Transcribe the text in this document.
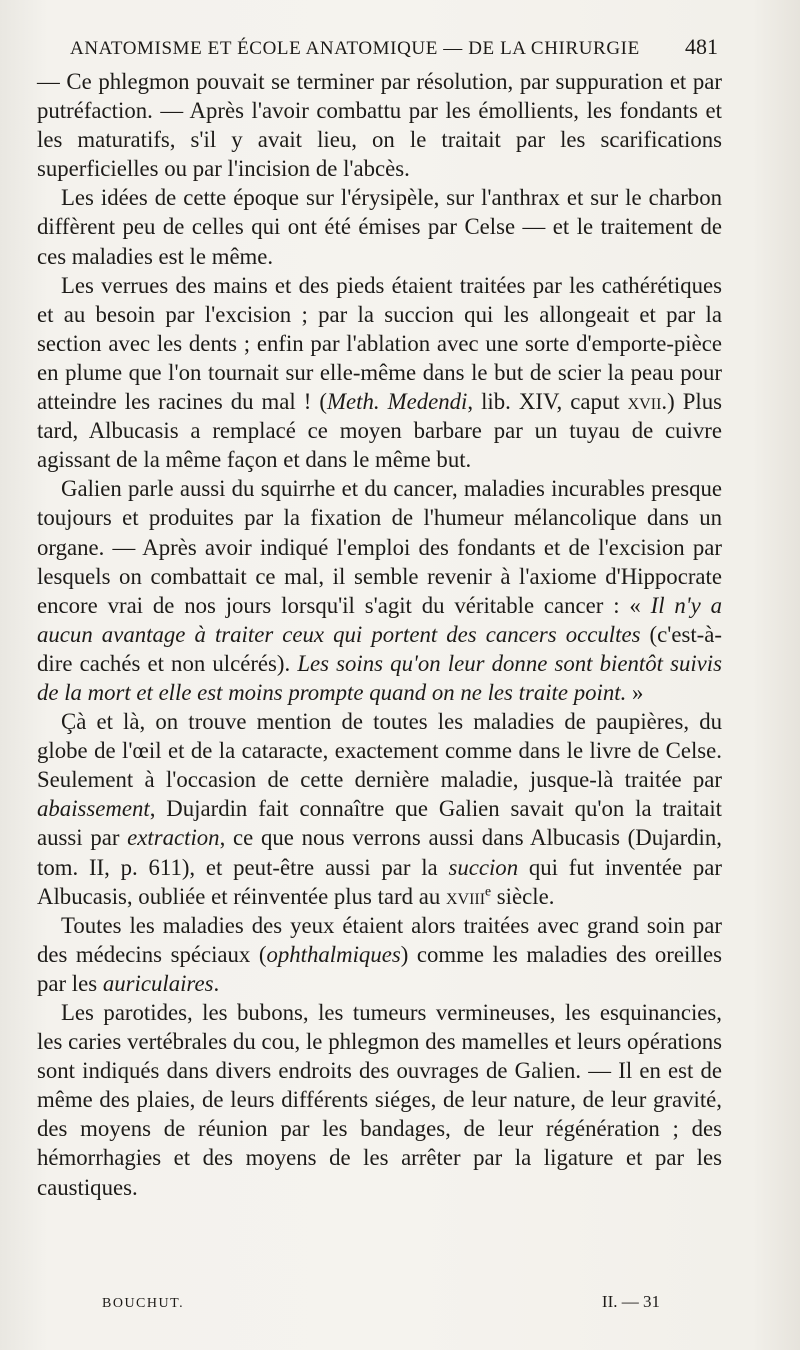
ANATOMISME ET ÉCOLE ANATOMIQUE — DE LA CHIRURGIE 481

— Ce phlegmon pouvait se terminer par résolution, par suppuration et par putréfaction. — Après l'avoir combattu par les émollients, les fondants et les maturatifs, s'il y avait lieu, on le traitait par les scarifications superficielles ou par l'incision de l'abcès.

Les idées de cette époque sur l'érysipèle, sur l'anthrax et sur le charbon diffèrent peu de celles qui ont été émises par Celse — et le traitement de ces maladies est le même.

Les verrues des mains et des pieds étaient traitées par les cathérétiques et au besoin par l'excision ; par la succion qui les allongeait et par la section avec les dents ; enfin par l'ablation avec une sorte d'emporte-pièce en plume que l'on tournait sur elle-même dans le but de scier la peau pour atteindre les racines du mal ! (Meth. Medendi, lib. XIV, caput xvii.) Plus tard, Albucasis a remplacé ce moyen barbare par un tuyau de cuivre agissant de la même façon et dans le même but.

Galien parle aussi du squirrhe et du cancer, maladies incurables presque toujours et produites par la fixation de l'humeur mélancolique dans un organe. — Après avoir indiqué l'emploi des fondants et de l'excision par lesquels on combattait ce mal, il semble revenir à l'axiome d'Hippocrate encore vrai de nos jours lorsqu'il s'agit du véritable cancer : « Il n'y a aucun avantage à traiter ceux qui portent des cancers occultes (c'est-à-dire cachés et non ulcérés). Les soins qu'on leur donne sont bientôt suivis de la mort et elle est moins prompte quand on ne les traite point. »

Çà et là, on trouve mention de toutes les maladies de paupières, du globe de l'œil et de la cataracte, exactement comme dans le livre de Celse. Seulement à l'occasion de cette dernière maladie, jusque-là traitée par abaissement, Dujardin fait connaître que Galien savait qu'on la traitait aussi par extraction, ce que nous verrons aussi dans Albucasis (Dujardin, tom. II, p. 611), et peut-être aussi par la succion qui fut inventée par Albucasis, oubliée et réinventée plus tard au xviii$^e$ siècle.

Toutes les maladies des yeux étaient alors traitées avec grand soin par des médecins spéciaux (ophthalmiques) comme les maladies des oreilles par les auriculaires.

Les parotides, les bubons, les tumeurs vermineuses, les esquinancies, les caries vertébrales du cou, le phlegmon des mamelles et leurs opérations sont indiqués dans divers endroits des ouvrages de Galien. — Il en est de même des plaies, de leurs différents siéges, de leur nature, de leur gravité, des moyens de réunion par les bandages, de leur régénération ; des hémorrhagies et des moyens de les arrêter par la ligature et par les caustiques.

BOUCHUT.	II. — 31
